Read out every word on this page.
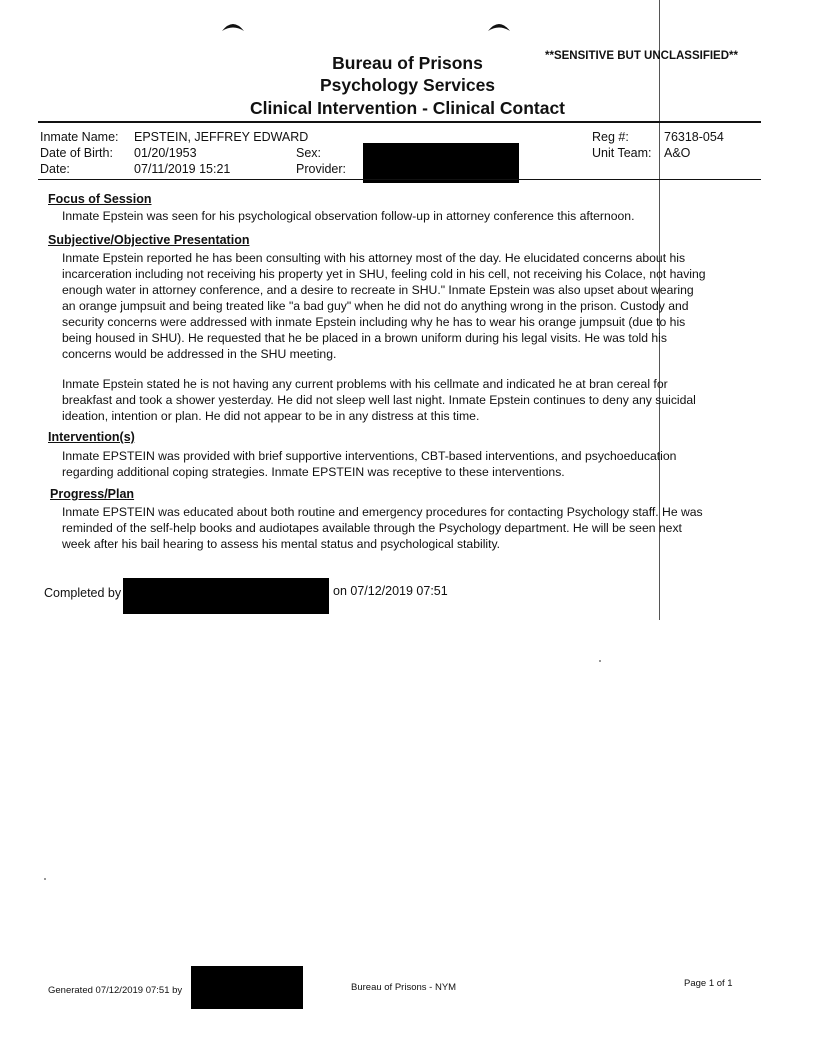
Bureau of Prisons
Psychology Services
Clinical Intervention - Clinical Contact
**SENSITIVE BUT UNCLASSIFIED**
Inmate Name: EPSTEIN, JEFFREY EDWARD
Date of Birth: 01/20/1953
Date:	07/11/2019 15:21
Sex:
Provider:
Reg #:	76318-054
Unit Team: A&O
Focus of Session
Inmate Epstein was seen for his psychological observation follow-up in attorney conference this afternoon.
Subjective/Objective Presentation
Inmate Epstein reported he has been consulting with his attorney most of the day. He elucidated concerns about his
incarceration including not receiving his property yet in SHU, feeling cold in his cell, not receiving his Colace, not having
enough water in attorney conference, and a desire to recreate in SHU." Inmate Epstein was also upset about wearing
an orange jumpsuit and being treated like "a bad guy" when he did not do anything wrong in the prison. Custody and
security concerns were addressed with inmate Epstein including why he has to wear his orange jumpsuit (due to his
being housed in SHU). He requested that he be placed in a brown uniform during his legal visits. He was told his
concerns would be addressed in the SHU meeting.
Inmate Epstein stated he is not having any current problems with his cellmate and indicated he at bran cereal for
breakfast and took a shower yesterday. He did not sleep well last night. Inmate Epstein continues to deny any suicidal
ideation, intention or plan. He did not appear to be in any distress at this time.
Intervention(s)
Inmate EPSTEIN was provided with brief supportive interventions, CBT-based interventions, and psychoeducation
regarding additional coping strategies. Inmate EPSTEIN was receptive to these interventions.
Progress/Plan
Inmate EPSTEIN was educated about both routine and emergency procedures for contacting Psychology staff. He was
reminded of the self-help books and audiotapes available through the Psychology department. He will be seen next
week after his bail hearing to assess his mental status and psychological stability.
Completed by	on 07/12/2019 07:51
Generated 07/12/2019 07:51 by	Bureau of Prisons - NYM	Page 1 of 1
